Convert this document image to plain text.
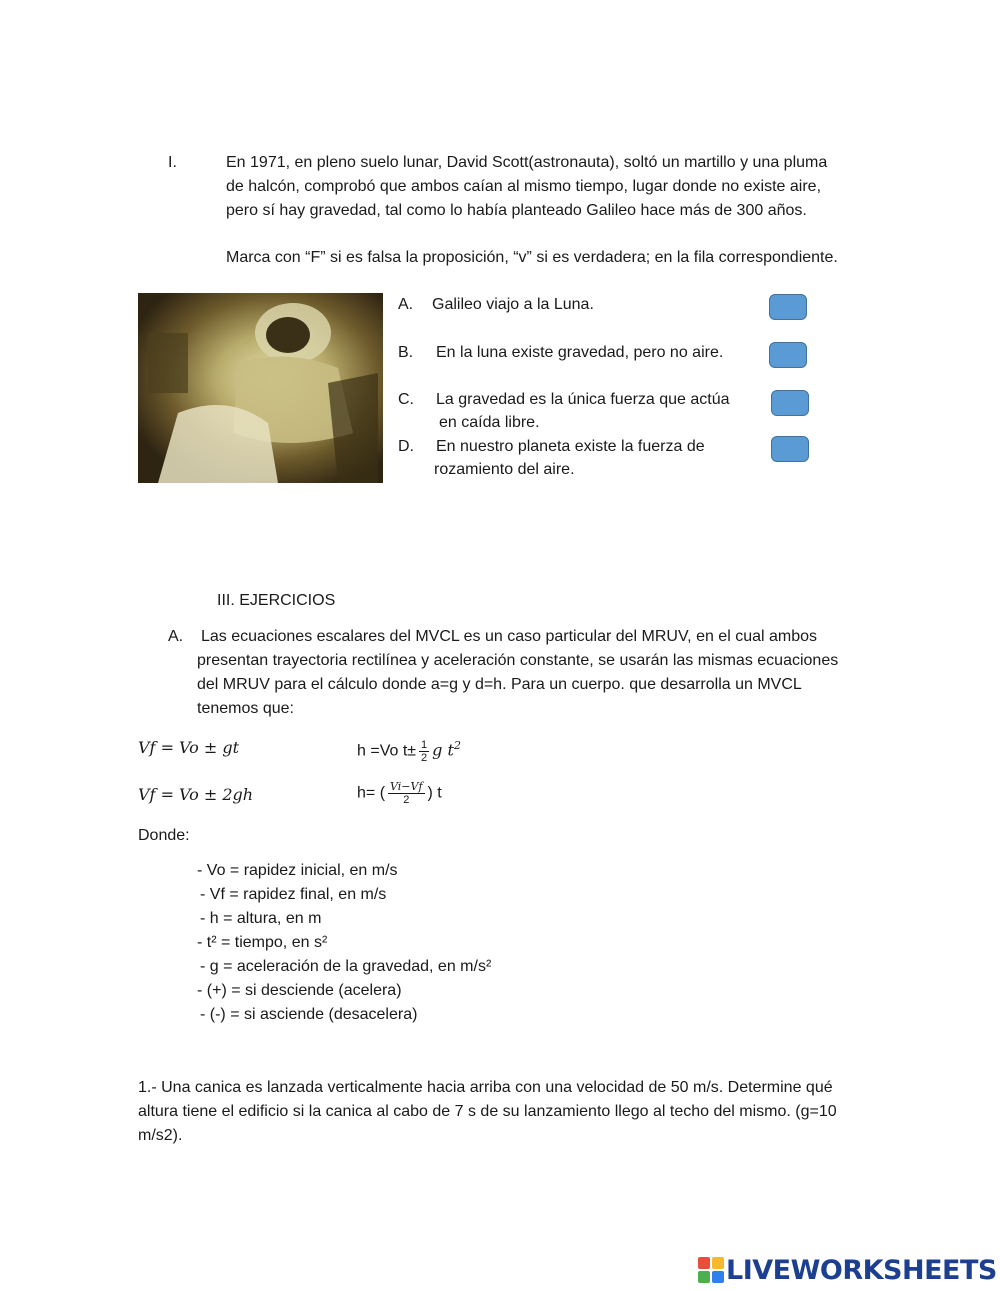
I.	En 1971, en pleno suelo lunar, David Scott(astronauta), soltó un martillo y una pluma
de halcón, comprobó que ambos caían al mismo tiempo, lugar donde no existe aire,
pero sí hay gravedad, tal como lo había planteado Galileo hace más de 300 años.
Marca con “F” si es falsa la proposición, “v” si es verdadera; en la fila correspondiente.
A. Galileo viajo a la Luna.
B. En la luna existe gravedad, pero no aire.
C. La gravedad es la única fuerza que actúa
en caída libre.
D. En nuestro planeta existe la fuerza de
rozamiento del aire.
III. EJERCICIOS
A. Las ecuaciones escalares del MVCL es un caso particular del MRUV, en el cual ambos
presentan trayectoria rectilínea y aceleración constante, se usarán las mismas ecuaciones
del MRUV para el cálculo donde a=g y d=h. Para un cuerpo. que desarrolla un MVCL
tenemos que:
Vf = Vo ± gt	h =Vo $t\pm \frac{1}{2}$ g $t^2$
Vf = Vo ± 2gh	h= ( $\frac{Vi-Vf}{2}$ ) t
Donde:
- Vo = rapidez inicial, en m/s
- Vf = rapidez final, en m/s
- h = altura, en m
- t² = tiempo, en s²
- g = aceleración de la gravedad, en m/s²
- (+) = si desciende (acelera)
- (-) = si asciende (desacelera)
1.- Una canica es lanzada verticalmente hacia arriba con una velocidad de 50 m/s. Determine qué
altura tiene el edificio si la canica al cabo de 7 s de su lanzamiento llego al techo del mismo. (g=10
m/s2).
LIVEWORKSHEETS
